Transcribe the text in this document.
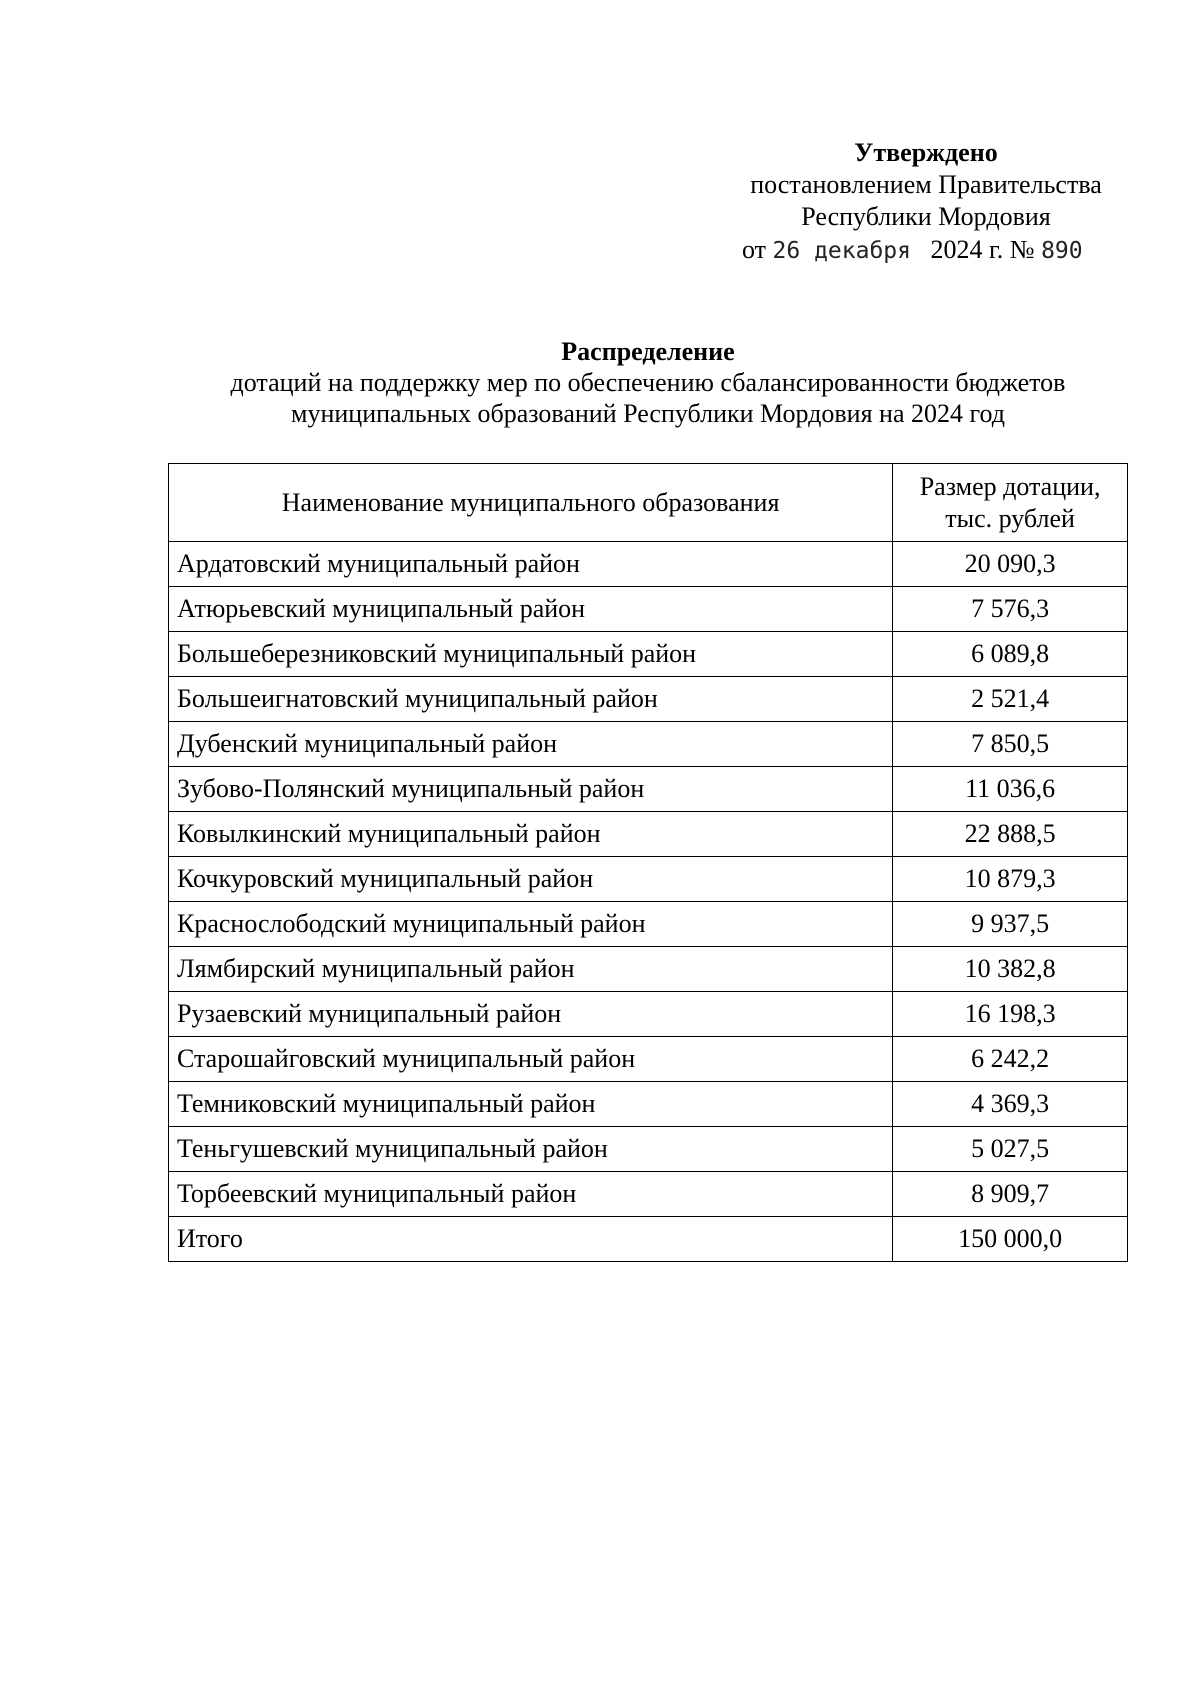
Утверждено
постановлением Правительства
Республики Мордовия
от 26 декабря 2024 г. № 890
Распределение
дотаций на поддержку мер по обеспечению сбалансированности бюджетов
муниципальных образований Республики Мордовия на 2024 год
Наименование муниципального образования	Размер дотации,
тыс. рублей

Ардатовский муниципальный район	20 090,3
Атюрьевский муниципальный район	7 576,3
Большеберезниковский муниципальный район	6 089,8
Большеигнатовский муниципальный район	2 521,4
Дубенский муниципальный район	7 850,5
Зубово-Полянский муниципальный район	11 036,6
Ковылкинский муниципальный район	22 888,5
Кочкуровский муниципальный район	10 879,3
Краснослободский муниципальный район	9 937,5
Лямбирский муниципальный район	10 382,8
Рузаевский муниципальный район	16 198,3
Старошайговский муниципальный район	6 242,2
Темниковский муниципальный район	4 369,3
Теньгушевский муниципальный район	5 027,5
Торбеевский муниципальный район	8 909,7
Итого	150 000,0
